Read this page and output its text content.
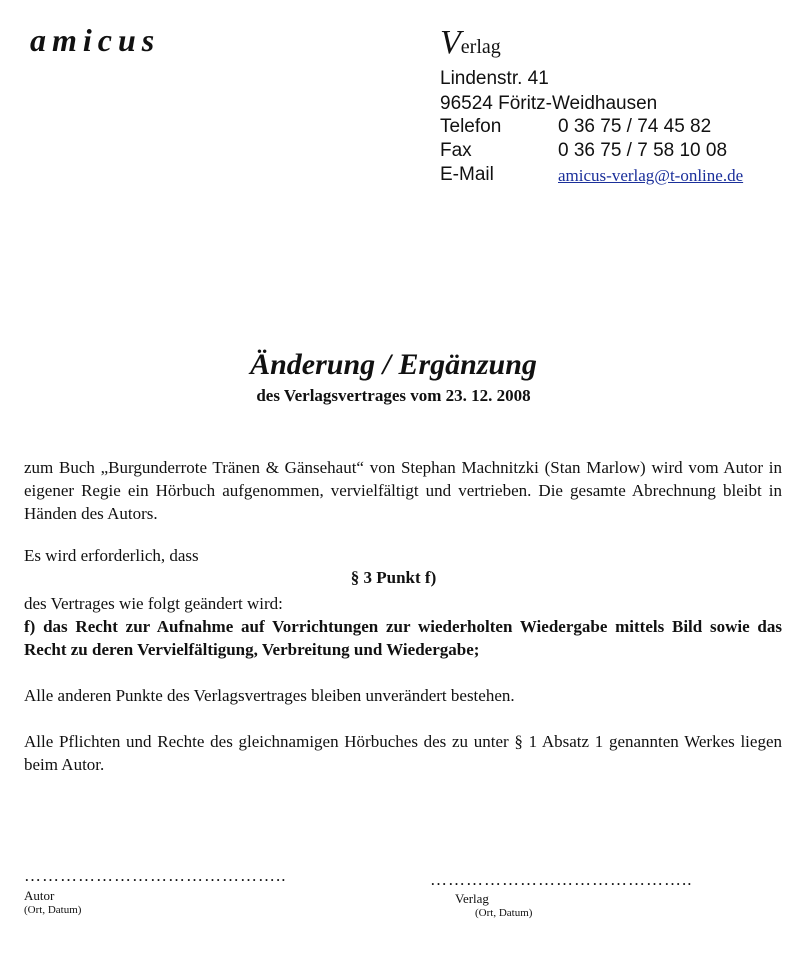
amicus	Verlag
Lindenstr. 41
96524 Föritz-Weidhausen
Telefon	0 36 75 / 74 45 82
Fax	0 36 75 / 7 58 10 08
E-Mail	amicus-verlag@t-online.de
Änderung / Ergänzung
des Verlagsvertrages vom 23. 12. 2008
zum Buch „Burgunderrote Tränen & Gänsehaut“ von Stephan Machnitzki (Stan Marlow) wird vom Autor in eigener Regie ein Hörbuch aufgenommen, vervielfältigt und vertrieben. Die gesamte Abrechnung bleibt in Händen des Autors.
Es wird erforderlich, dass
§ 3 Punkt f)
des Vertrages wie folgt geändert wird:
f) das Recht zur Aufnahme auf Vorrichtungen zur wiederholten Wiedergabe mittels Bild sowie das Recht zu deren Vervielfältigung, Verbreitung und Wiedergabe;
Alle anderen Punkte des Verlagsvertrages bleiben unverändert bestehen.
Alle Pflichten und Rechte des gleichnamigen Hörbuches des zu unter § 1 Absatz 1 genannten Werkes liegen beim Autor.
……………………………………..
Autor
(Ort, Datum)
……………………………………..
Verlag
(Ort, Datum)
